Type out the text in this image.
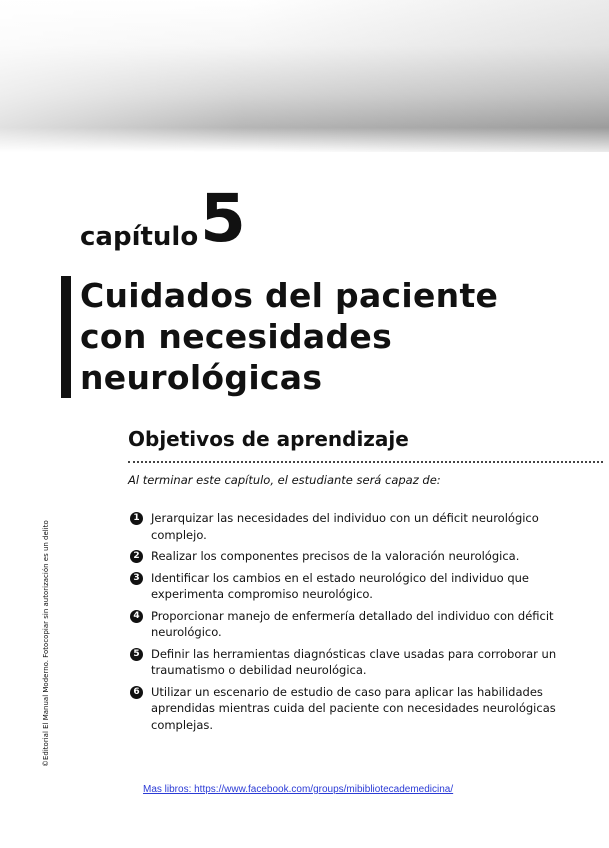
capítulo 5
Cuidados del paciente
con necesidades
neurológicas
Objetivos de aprendizaje
Al terminar este capítulo, el estudiante será capaz de:
1 Jerarquizar las necesidades del individuo con un déficit neurológico complejo.
2 Realizar los componentes precisos de la valoración neurológica.
3 Identificar los cambios en el estado neurológico del individuo que experimenta compromiso neurológico.
4 Proporcionar manejo de enfermería detallado del individuo con déficit neurológico.
5 Definir las herramientas diagnósticas clave usadas para corroborar un traumatismo o debilidad neurológica.
6 Utilizar un escenario de estudio de caso para aplicar las habilidades aprendidas mientras cuida del paciente con necesidades neurológicas complejas.
©Editorial El Manual Moderno. Fotocopiar sin autorización es un delito
Mas libros: https://www.facebook.com/groups/mibibliotecademedicina/
